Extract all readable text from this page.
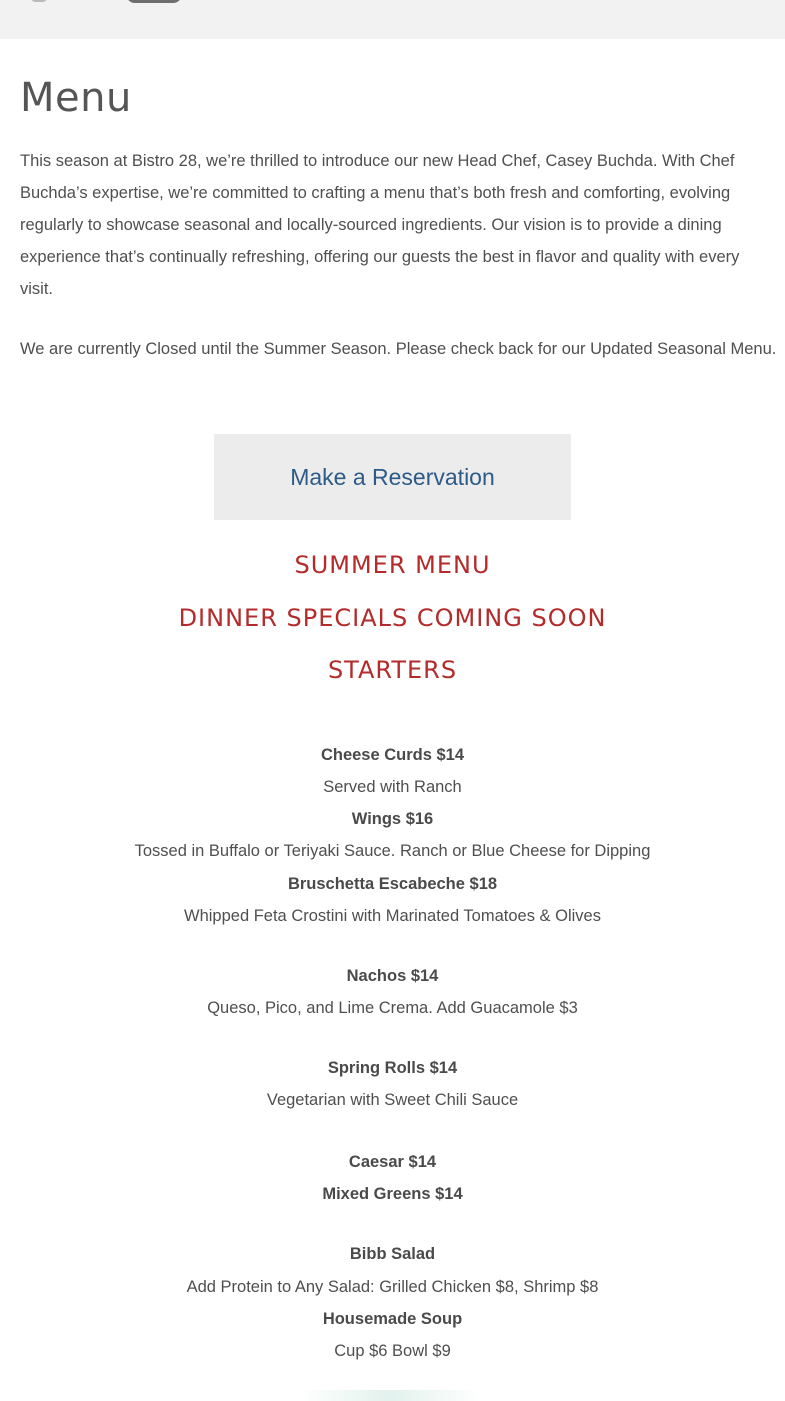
Menu

This season at Bistro 28, we’re thrilled to introduce our new Head Chef, Casey Buchda. With Chef Buchda’s expertise, we’re committed to crafting a menu that’s both fresh and comforting, evolving regularly to showcase seasonal and locally-sourced ingredients. Our vision is to provide a dining experience that’s continually refreshing, offering our guests the best in flavor and quality with every visit.

We are currently Closed until the Summer Season. Please check back for our Updated Seasonal Menu.

Make a Reservation
SUMMER MENU
DINNER SPECIALS COMING SOON
STARTERS
Cheese Curds $14
Served with Ranch
Wings $16
Tossed in Buffalo or Teriyaki Sauce. Ranch or Blue Cheese for Dipping
Bruschetta Escabeche $18
Whipped Feta Crostini with Marinated Tomatoes & Olives
Nachos $14
Queso, Pico, and Lime Crema. Add Guacamole $3
Spring Rolls $14
Vegetarian with Sweet Chili Sauce
Caesar $14
Mixed Greens $14
Bibb Salad
Add Protein to Any Salad: Grilled Chicken $8, Shrimp $8
Housemade Soup
Cup $6 Bowl $9
